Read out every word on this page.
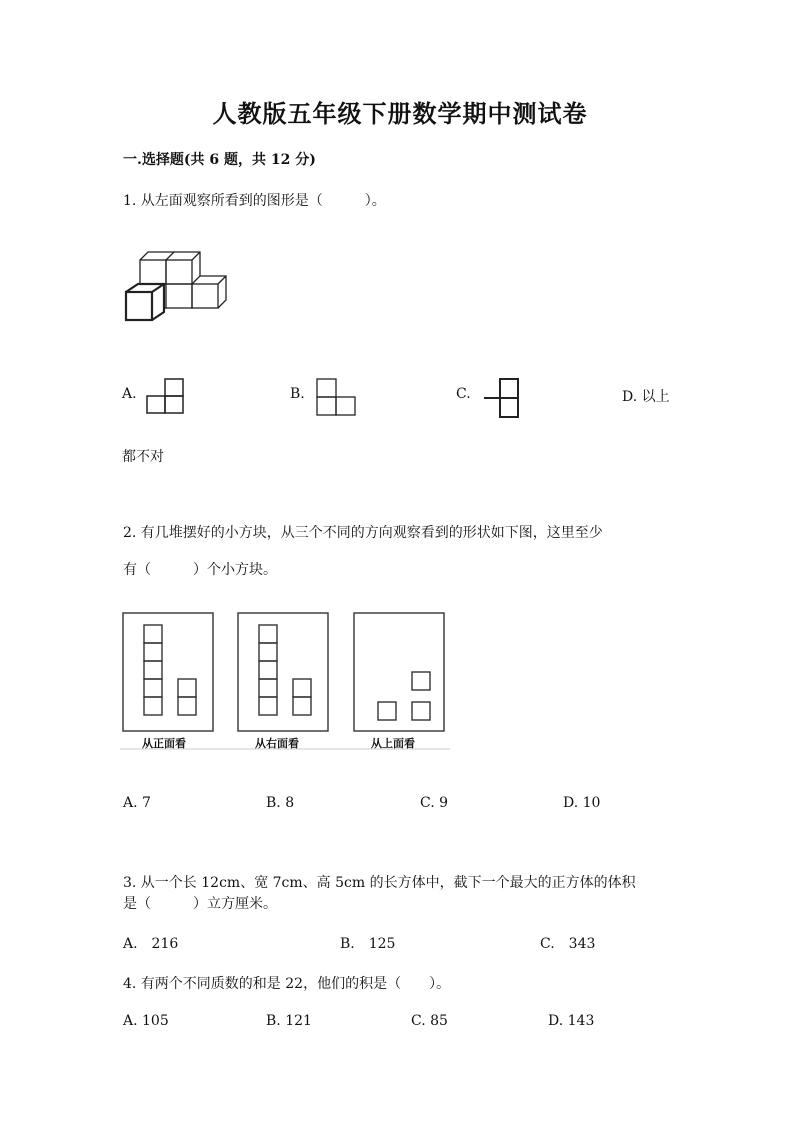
人教版五年级下册数学期中测试卷
一.选择题(共 6 题，共 12 分)
1. 从左面观察所看到的图形是（　　　）。
A.	B.	C.	D. 以上
都不对
2. 有几堆摆好的小方块，从三个不同的方向观察看到的形状如下图，这里至少
有（　　　）个小方块。
从正面看	从右面看	从上面看
A. 7	B. 8	C. 9	D. 10
3. 从一个长 12cm、宽 7cm、高 5cm 的长方体中，截下一个最大的正方体的体积
是（　　　）立方厘米。
A.　216	B.　125	C.　343
4. 有两个不同质数的和是 22，他们的积是（　　）。
A. 105	B. 121	C. 85	D. 143
